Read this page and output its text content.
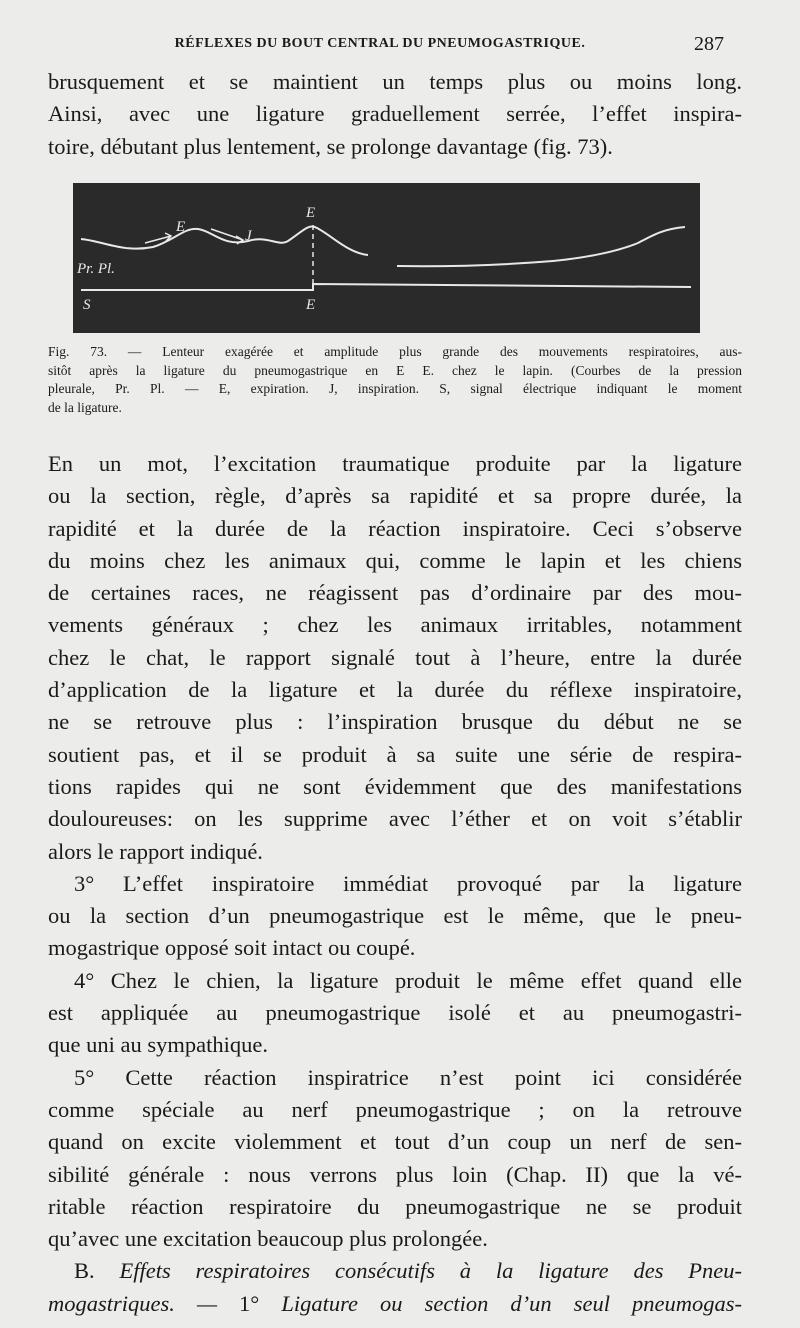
RÉFLEXES DU BOUT CENTRAL DU PNEUMOGASTRIQUE.	287
brusquement et se maintient un temps plus ou moins long.
Ainsi, avec une ligature graduellement serrée, l’effet inspira-
toire, débutant plus lentement, se prolonge davantage (fig. 73).
E
J
E
Pr. Pl.
S	E
Fig. 73. — Lenteur exagérée et amplitude plus grande des mouvements respiratoires, aus-
sitôt après la ligature du pneumogastrique en E E. chez le lapin. (Courbes de la pression
pleurale, Pr. Pl. — E, expiration. J, inspiration. S, signal électrique indiquant le moment
de la ligature.
En un mot, l’excitation traumatique produite par la ligature
ou la section, règle, d’après sa rapidité et sa propre durée, la
rapidité et la durée de la réaction inspiratoire. Ceci s’observe
du moins chez les animaux qui, comme le lapin et les chiens
de certaines races, ne réagissent pas d’ordinaire par des mou-
vements généraux ; chez les animaux irritables, notamment
chez le chat, le rapport signalé tout à l’heure, entre la durée
d’application de la ligature et la durée du réflexe inspiratoire,
ne se retrouve plus : l’inspiration brusque du début ne se
soutient pas, et il se produit à sa suite une série de respira-
tions rapides qui ne sont évidemment que des manifestations
douloureuses: on les supprime avec l’éther et on voit s’établir
alors le rapport indiqué.
3° L’effet inspiratoire immédiat provoqué par la ligature
ou la section d’un pneumogastrique est le même, que le pneu-
mogastrique opposé soit intact ou coupé.
4° Chez le chien, la ligature produit le même effet quand elle
est appliquée au pneumogastrique isolé et au pneumogastri-
que uni au sympathique.
5° Cette réaction inspiratrice n’est point ici considérée
comme spéciale au nerf pneumogastrique ; on la retrouve
quand on excite violemment et tout d’un coup un nerf de sen-
sibilité générale : nous verrons plus loin (Chap. II) que la vé-
ritable réaction respiratoire du pneumogastrique ne se produit
qu’avec une excitation beaucoup plus prolongée.
B. Effets respiratoires consécutifs à la ligature des Pneu-
mogastriques. — 1° Ligature ou section d’un seul pneumogas-
